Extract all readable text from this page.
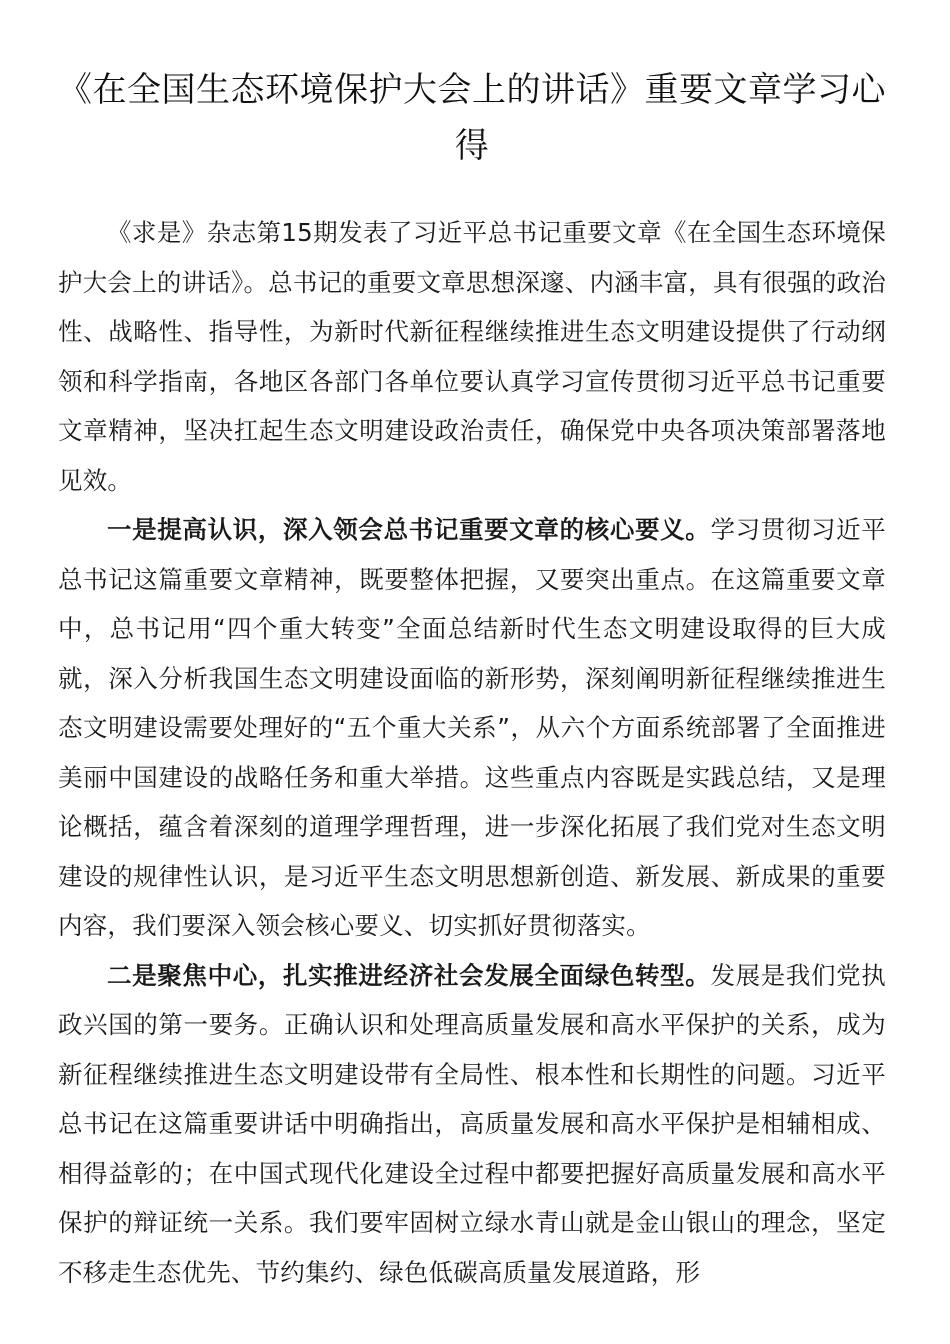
《在全国生态环境保护大会上的讲话》重要文章学习心得

《求是》杂志第15期发表了习近平总书记重要文章《在全国生态环境保护大会上的讲话》。总书记的重要文章思想深邃、内涵丰富，具有很强的政治性、战略性、指导性，为新时代新征程继续推进生态文明建设提供了行动纲领和科学指南，各地区各部门各单位要认真学习宣传贯彻习近平总书记重要文章精神，坚决扛起生态文明建设政治责任，确保党中央各项决策部署落地见效。

一是提高认识，深入领会总书记重要文章的核心要义。学习贯彻习近平总书记这篇重要文章精神，既要整体把握，又要突出重点。在这篇重要文章中，总书记用“四个重大转变”全面总结新时代生态文明建设取得的巨大成就，深入分析我国生态文明建设面临的新形势，深刻阐明新征程继续推进生态文明建设需要处理好的“五个重大关系”，从六个方面系统部署了全面推进美丽中国建设的战略任务和重大举措。这些重点内容既是实践总结，又是理论概括，蕴含着深刻的道理学理哲理，进一步深化拓展了我们党对生态文明建设的规律性认识，是习近平生态文明思想新创造、新发展、新成果的重要内容，我们要深入领会核心要义、切实抓好贯彻落实。

二是聚焦中心，扎实推进经济社会发展全面绿色转型。发展是我们党执政兴国的第一要务。正确认识和处理高质量发展和高水平保护的关系，成为新征程继续推进生态文明建设带有全局性、根本性和长期性的问题。习近平总书记在这篇重要讲话中明确指出，高质量发展和高水平保护是相辅相成、相得益彰的；在中国式现代化建设全过程中都要把握好高质量发展和高水平保护的辩证统一关系。我们要牢固树立绿水青山就是金山银山的理念，坚定不移走生态优先、节约集约、绿色低碳高质量发展道路，形
